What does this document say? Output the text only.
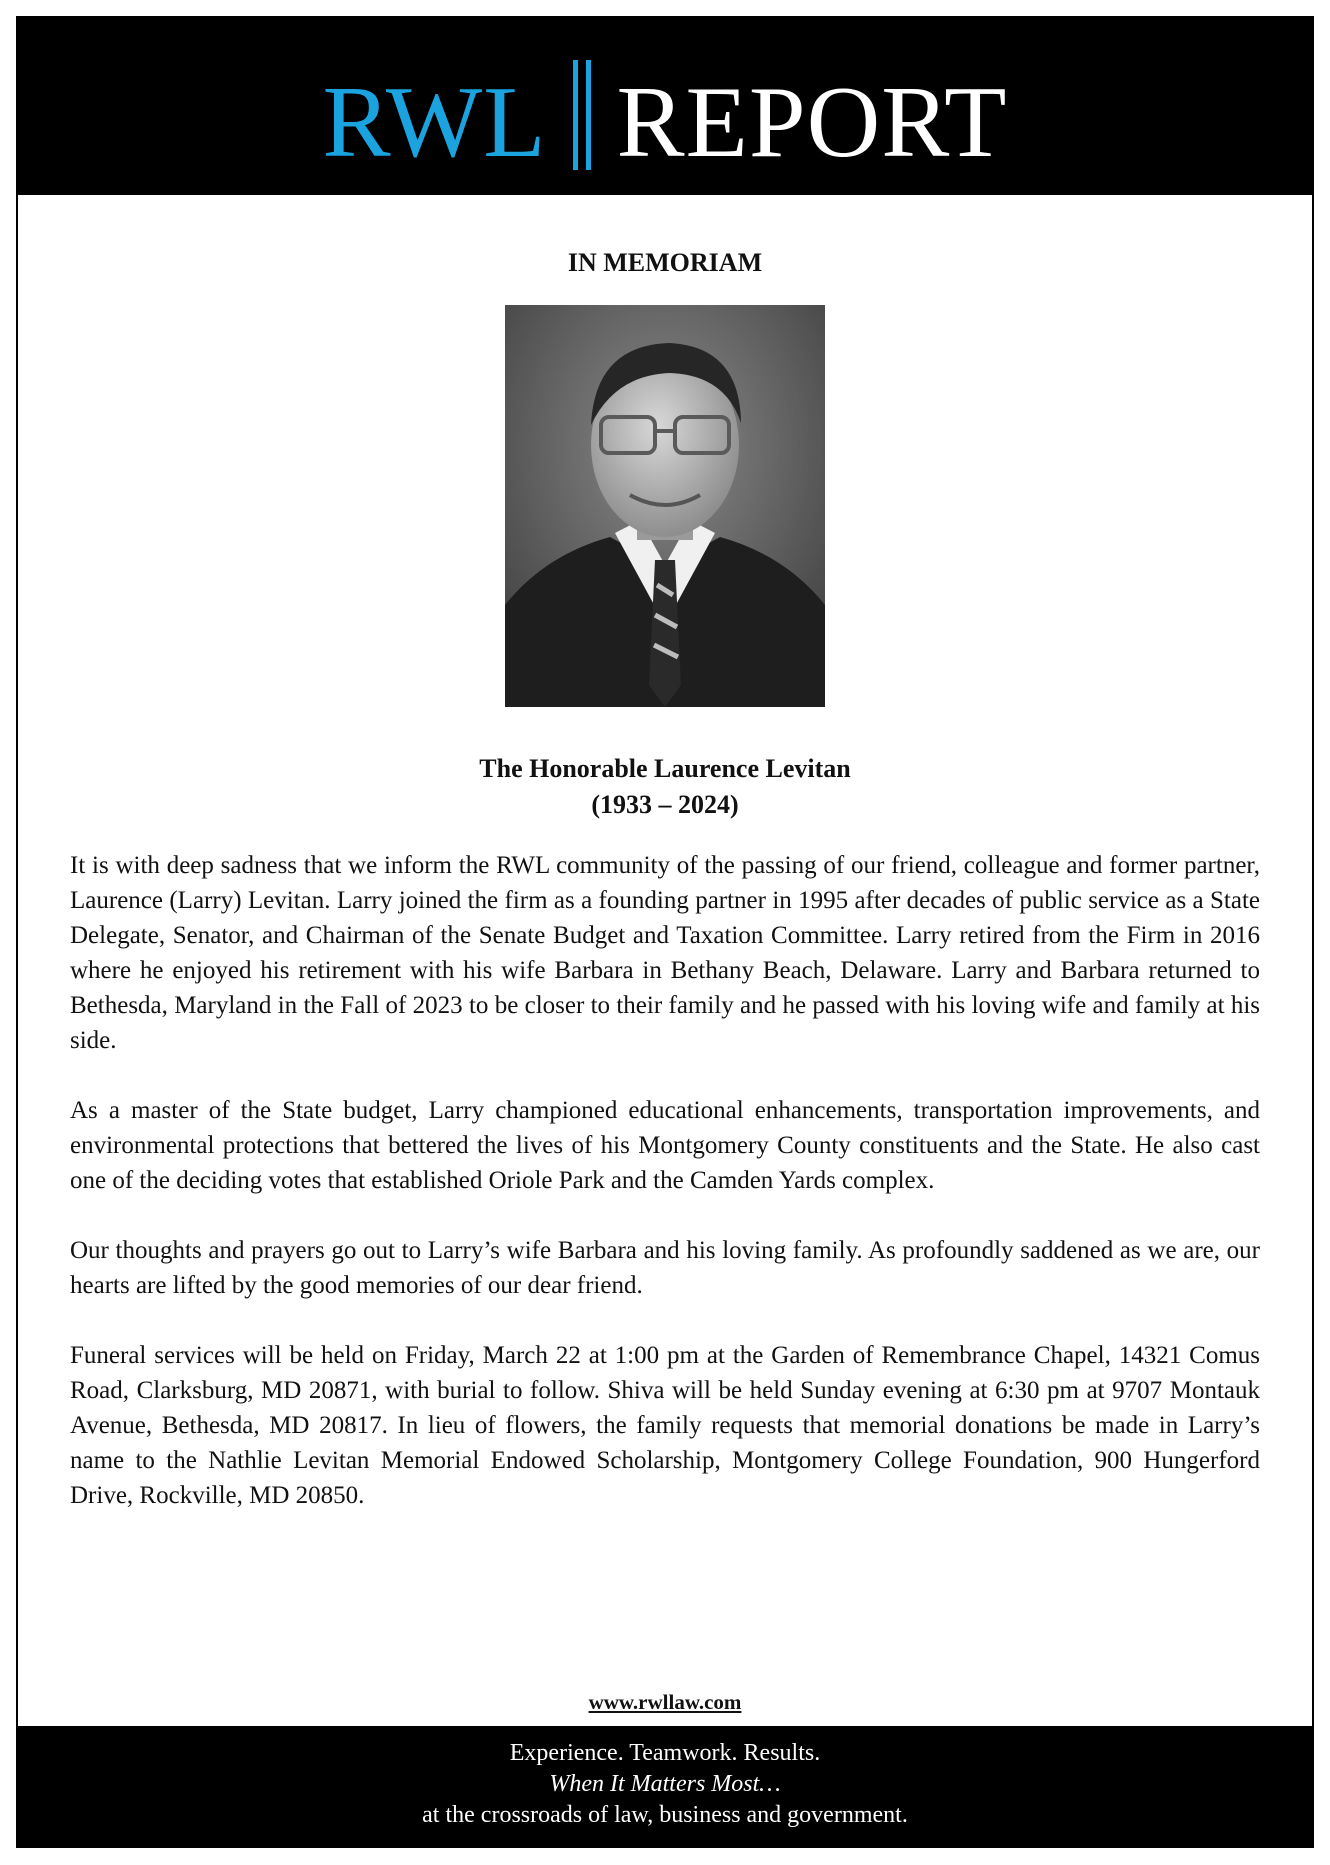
RWL REPORT
IN MEMORIAM
The Honorable Laurence Levitan
(1933 – 2024)

It is with deep sadness that we inform the RWL community of the passing of our friend, colleague and former partner, Laurence (Larry) Levitan. Larry joined the firm as a founding partner in 1995 after decades of public service as a State Delegate, Senator, and Chairman of the Senate Budget and Taxation Committee. Larry retired from the Firm in 2016 where he enjoyed his retirement with his wife Barbara in Bethany Beach, Delaware. Larry and Barbara returned to Bethesda, Maryland in the Fall of 2023 to be closer to their family and he passed with his loving wife and family at his side.

As a master of the State budget, Larry championed educational enhancements, transportation improvements, and environmental protections that bettered the lives of his Montgomery County constituents and the State. He also cast one of the deciding votes that established Oriole Park and the Camden Yards complex.

Our thoughts and prayers go out to Larry’s wife Barbara and his loving family. As profoundly saddened as we are, our hearts are lifted by the good memories of our dear friend.

Funeral services will be held on Friday, March 22 at 1:00 pm at the Garden of Remembrance Chapel, 14321 Comus Road, Clarksburg, MD 20871, with burial to follow. Shiva will be held Sunday evening at 6:30 pm at 9707 Montauk Avenue, Bethesda, MD 20817. In lieu of flowers, the family requests that memorial donations be made in Larry’s name to the Nathlie Levitan Memorial Endowed Scholarship, Montgomery College Foundation, 900 Hungerford Drive, Rockville, MD 20850.

www.rwllaw.com
Experience. Teamwork. Results.
When It Matters Most…
at the crossroads of law, business and government.
